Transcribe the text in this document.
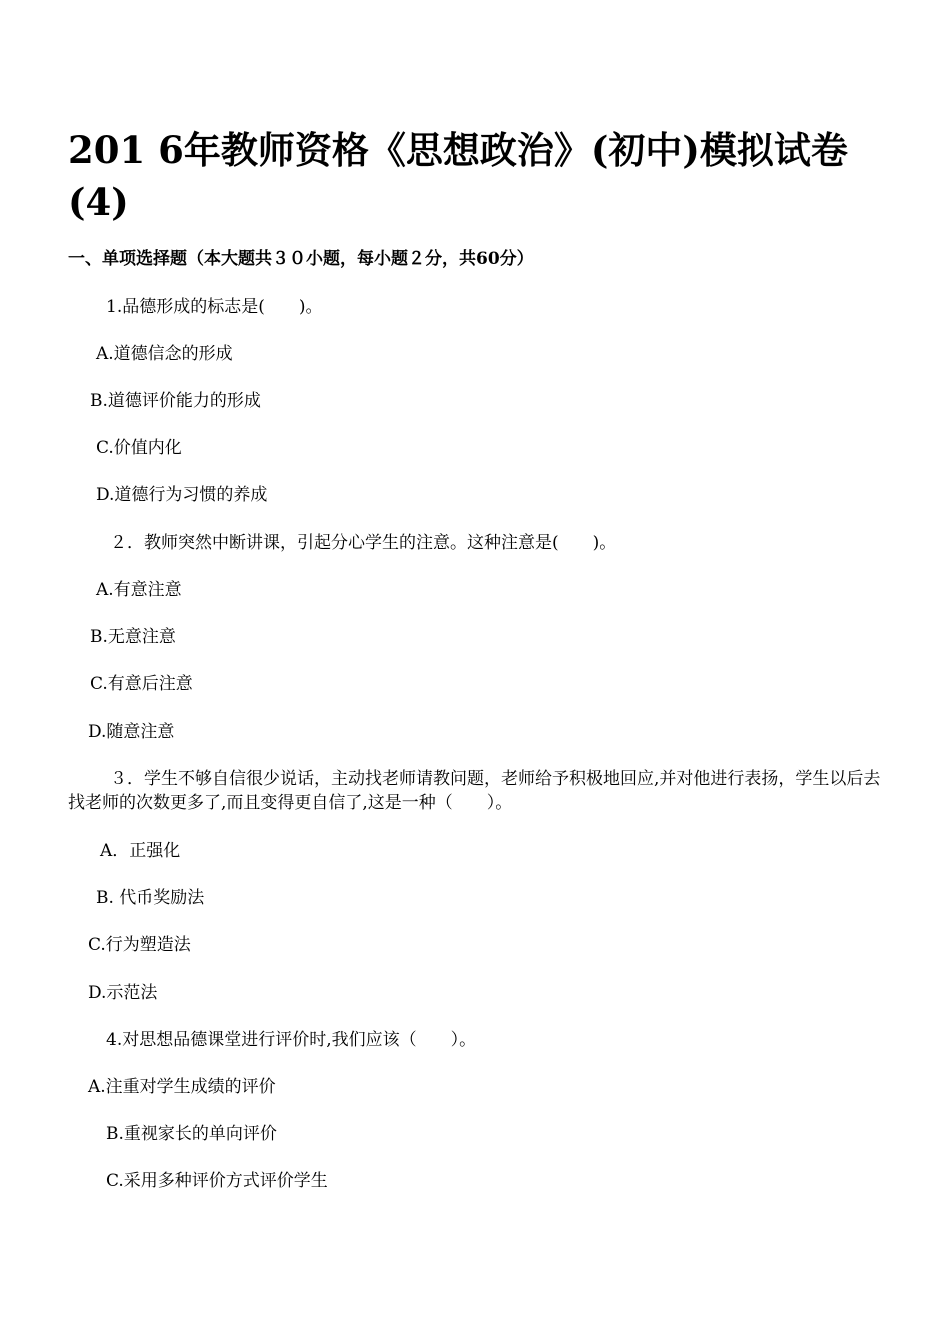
201 6年教师资格《思想政治》(初中)模拟试卷(4)
一、单项选择题（本大题共３０小题，每小题２分，共60分）
1.品德形成的标志是(　　)。
A.道德信念的形成
B.道德评价能力的形成
C.价值内化
D.道德行为习惯的养成
２．教师突然中断讲课，引起分心学生的注意。这种注意是(　　)。
A.有意注意
B.无意注意
C.有意后注意
D.随意注意
３．学生不够自信很少说话，主动找老师请教问题，老师给予积极地回应,并对他进行表扬，学生以后去找老师的次数更多了,而且变得更自信了,这是一种（　　）。
A．正强化
B. 代币奖励法
C.行为塑造法
D.示范法
4.对思想品德课堂进行评价时,我们应该（　　）。
A.注重对学生成绩的评价
B.重视家长的单向评价
C.采用多种评价方式评价学生
